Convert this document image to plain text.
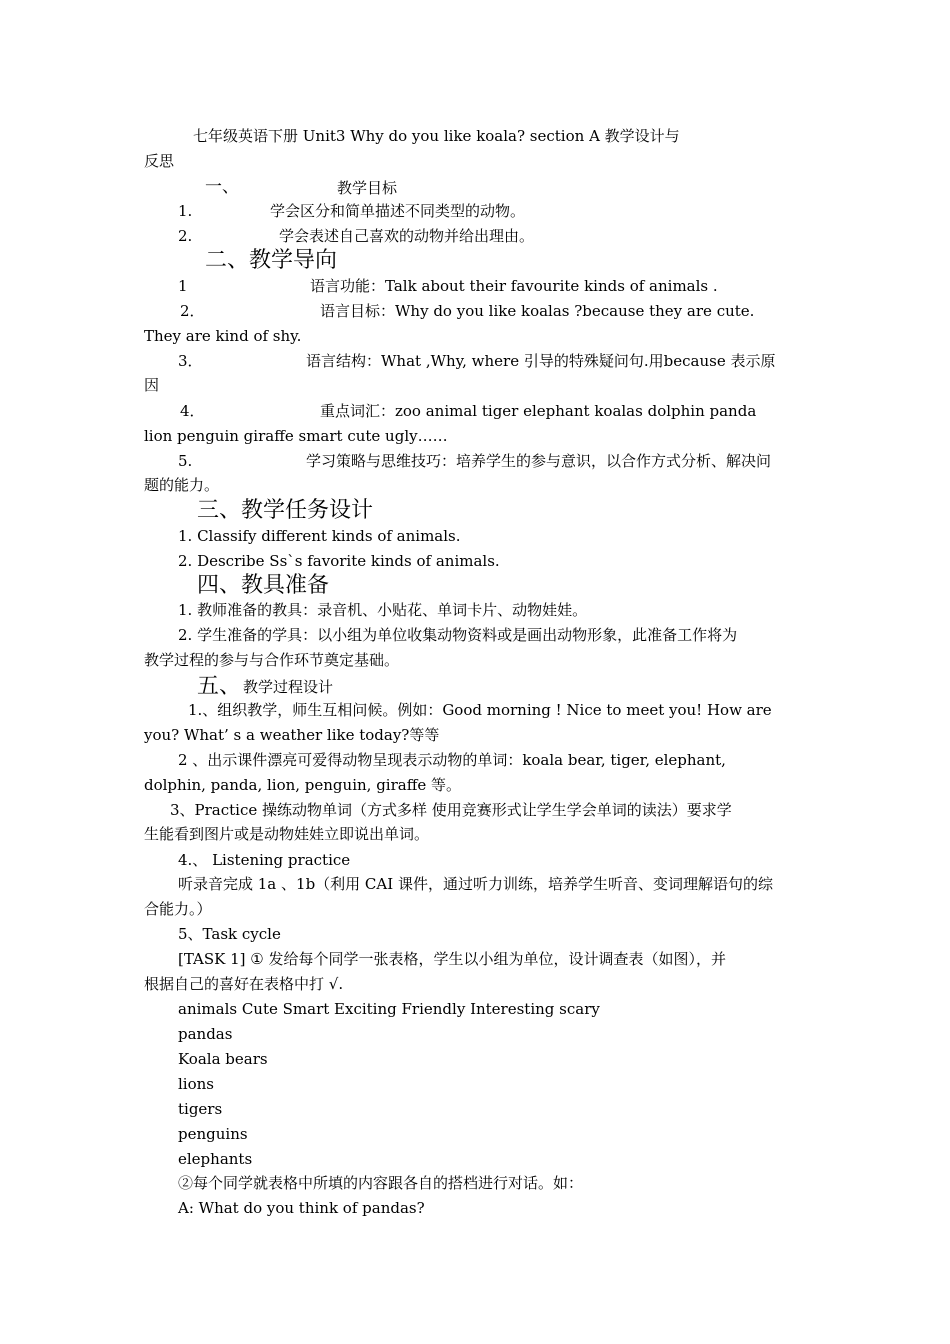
七年级英语下册 Unit3 Why do you like koala? section A 教学设计与
反思
一、	教学目标
1.	学会区分和简单描述不同类型的动物。
2.	学会表述自己喜欢的动物并给出理由。
二、教学导向
1	语言功能：Talk about their favourite kinds of animals .
2．	语言目标：Why do you like koalas ?because they are cute.
They are kind of shy.
3．	语言结构：What ,Why, where 引导的特殊疑问句.用because 表示原
因
4．	重点词汇：zoo animal tiger elephant koalas dolphin panda
lion penguin giraffe smart cute ugly……
5.	学习策略与思维技巧：培养学生的参与意识，以合作方式分析、解决问
题的能力。
三、教学任务设计
1. Classify different kinds of animals.
2. Describe Ss`s favorite kinds of animals.
四、教具准备
1. 教师准备的教具：录音机、小贴花、单词卡片、动物娃娃。
2. 学生准备的学具：以小组为单位收集动物资料或是画出动物形象，此准备工作将为
教学过程的参与与合作环节奠定基础。
五、 教学过程设计
1.、组织教学，师生互相问候。例如：Good morning ! Nice to meet you! How are
you? What’ s a weather like today?等等
2 、出示课件漂亮可爱得动物呈现表示动物的单词：koala bear, tiger, elephant,
dolphin, panda, lion, penguin, giraffe 等。
3、Practice 操练动物单词（方式多样 使用竞赛形式让学生学会单词的读法）要求学
生能看到图片或是动物娃娃立即说出单词。
4.、 Listening practice
听录音完成 1a 、1b（利用 CAI 课件，通过听力训练，培养学生听音、变词理解语句的综
合能力。）
5、Task cycle
[TASK 1] ① 发给每个同学一张表格，学生以小组为单位，设计调查表（如图），并
根据自己的喜好在表格中打 √.
animals Cute Smart Exciting Friendly Interesting scary
pandas
Koala bears
lions
tigers
penguins
elephants
②每个同学就表格中所填的内容跟各自的搭档进行对话。如：
A: What do you think of pandas?
